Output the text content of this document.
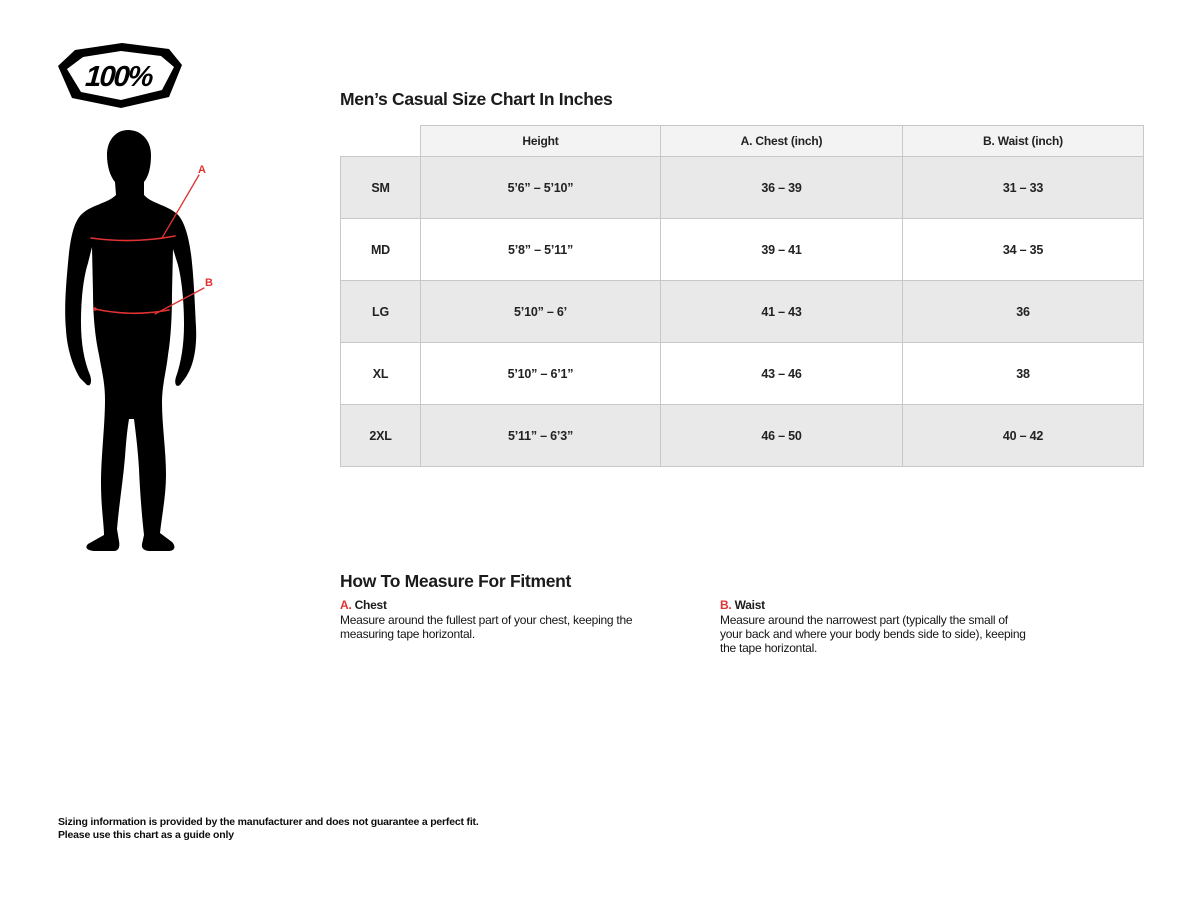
100%
A
B
Men’s Casual Size Chart In Inches
	Height	A. Chest (inch)	B. Waist (inch)
SM	5’6” – 5’10”	36 – 39	31 – 33
MD	5’8” – 5’11”	39 – 41	34 – 35
LG	5’10” – 6’	41 – 43	36
XL	5’10” – 6’1”	43 – 46	38
2XL	5’11” – 6’3”	46 – 50	40 – 42
How To Measure For Fitment
A. Chest
Measure around the fullest part of your chest, keeping the measuring tape horizontal.
B. Waist
Measure around the narrowest part (typically the small of your back and where your body bends side to side), keeping the tape horizontal.
Sizing information is provided by the manufacturer and does not guarantee a perfect fit.
Please use this chart as a guide only
